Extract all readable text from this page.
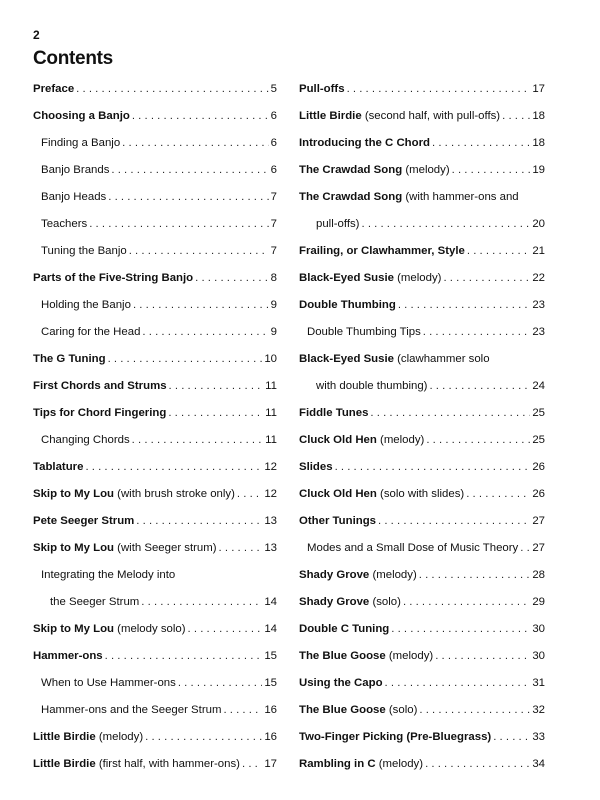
2
Contents
Preface . . .	5
Choosing a Banjo . . .	6
Finding a Banjo . . .	6
Banjo Brands . . .	6
Banjo Heads . . .	7
Teachers . . .	7
Tuning the Banjo . . .	7
Parts of the Five-String Banjo . . .	8
Holding the Banjo . . .	9
Caring for the Head . . .	9
The G Tuning . . .	10
First Chords and Strums . . .	11
Tips for Chord Fingering . . .	11
Changing Chords . . .	11
Tablature . . .	12
Skip to My Lou (with brush stroke only) . . .	12
Pete Seeger Strum . . .	13
Skip to My Lou (with Seeger strum) . . .	13
Integrating the Melody into
the Seeger Strum . . .	14
Skip to My Lou (melody solo) . . .	14
Hammer-ons . . .	15
When to Use Hammer-ons . . .	15
Hammer-ons and the Seeger Strum . . .	16
Little Birdie (melody) . . .	16
Little Birdie (first half, with hammer-ons) . . . 17
Pull-offs . . .	17
Little Birdie (second half, with pull-offs) . . .	18
Introducing the C Chord . . .	18
The Crawdad Song (melody) . . .	19
The Crawdad Song (with hammer-ons and
pull-offs) . . .	20
Frailing, or Clawhammer, Style . . .	21
Black-Eyed Susie (melody) . . .	22
Double Thumbing . . .	23
Double Thumbing Tips . . .	23
Black-Eyed Susie (clawhammer solo
with double thumbing) . . .	24
Fiddle Tunes . . .	25
Cluck Old Hen (melody) . . .	25
Slides . . .	26
Cluck Old Hen (solo with slides) . . .	26
Other Tunings . . .	27
Modes and a Small Dose of Music Theory . . . 27
Shady Grove (melody) . . .	28
Shady Grove (solo) . . .	29
Double C Tuning . . .	30
The Blue Goose (melody) . . .	30
Using the Capo . . .	31
The Blue Goose (solo) . . .	32
Two-Finger Picking (Pre-Bluegrass) . . .	33
Rambling in C (melody) . . .	34
